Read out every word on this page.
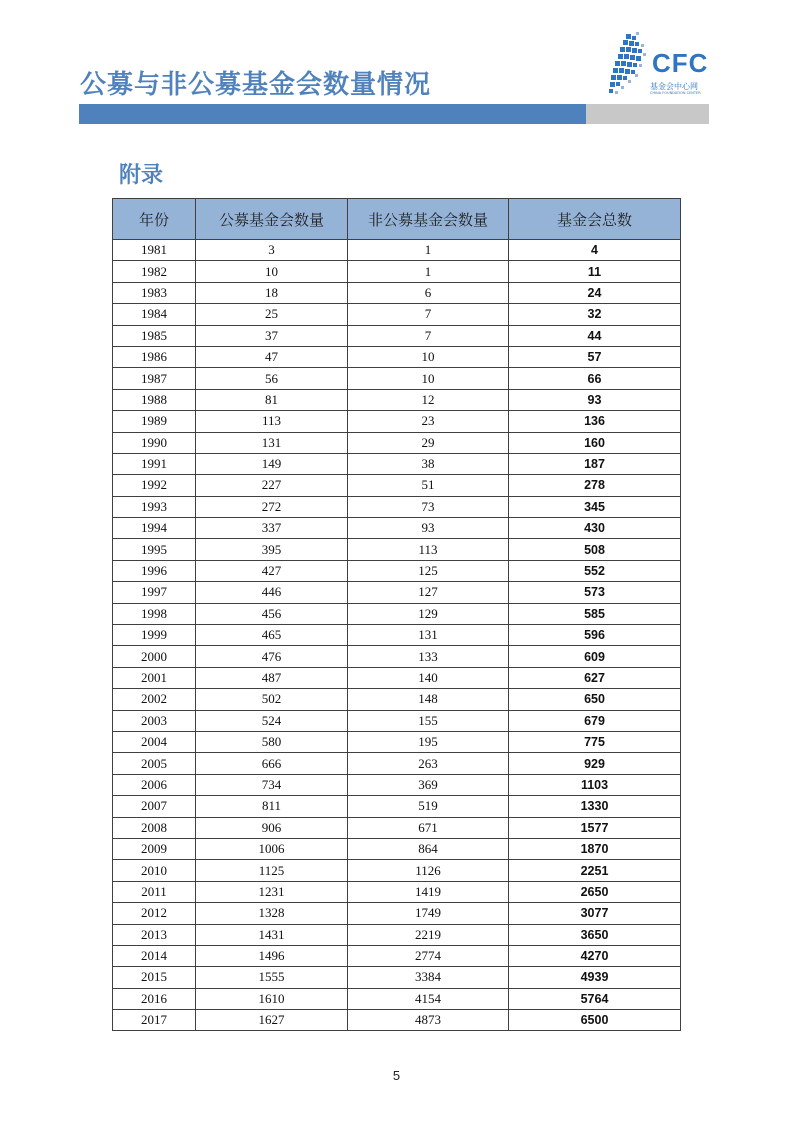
公募与非公募基金会数量情况
CFC
基金会中心网
CHINA FOUNDATION CENTER
附录
年份	公募基金会数量	非公募基金会数量	基金会总数
1981	3	1	4
1982	10	1	11
1983	18	6	24
1984	25	7	32
1985	37	7	44
1986	47	10	57
1987	56	10	66
1988	81	12	93
1989	113	23	136
1990	131	29	160
1991	149	38	187
1992	227	51	278
1993	272	73	345
1994	337	93	430
1995	395	113	508
1996	427	125	552
1997	446	127	573
1998	456	129	585
1999	465	131	596
2000	476	133	609
2001	487	140	627
2002	502	148	650
2003	524	155	679
2004	580	195	775
2005	666	263	929
2006	734	369	1103
2007	811	519	1330
2008	906	671	1577
2009	1006	864	1870
2010	1125	1126	2251
2011	1231	1419	2650
2012	1328	1749	3077
2013	1431	2219	3650
2014	1496	2774	4270
2015	1555	3384	4939
2016	1610	4154	5764
2017	1627	4873	6500
5
